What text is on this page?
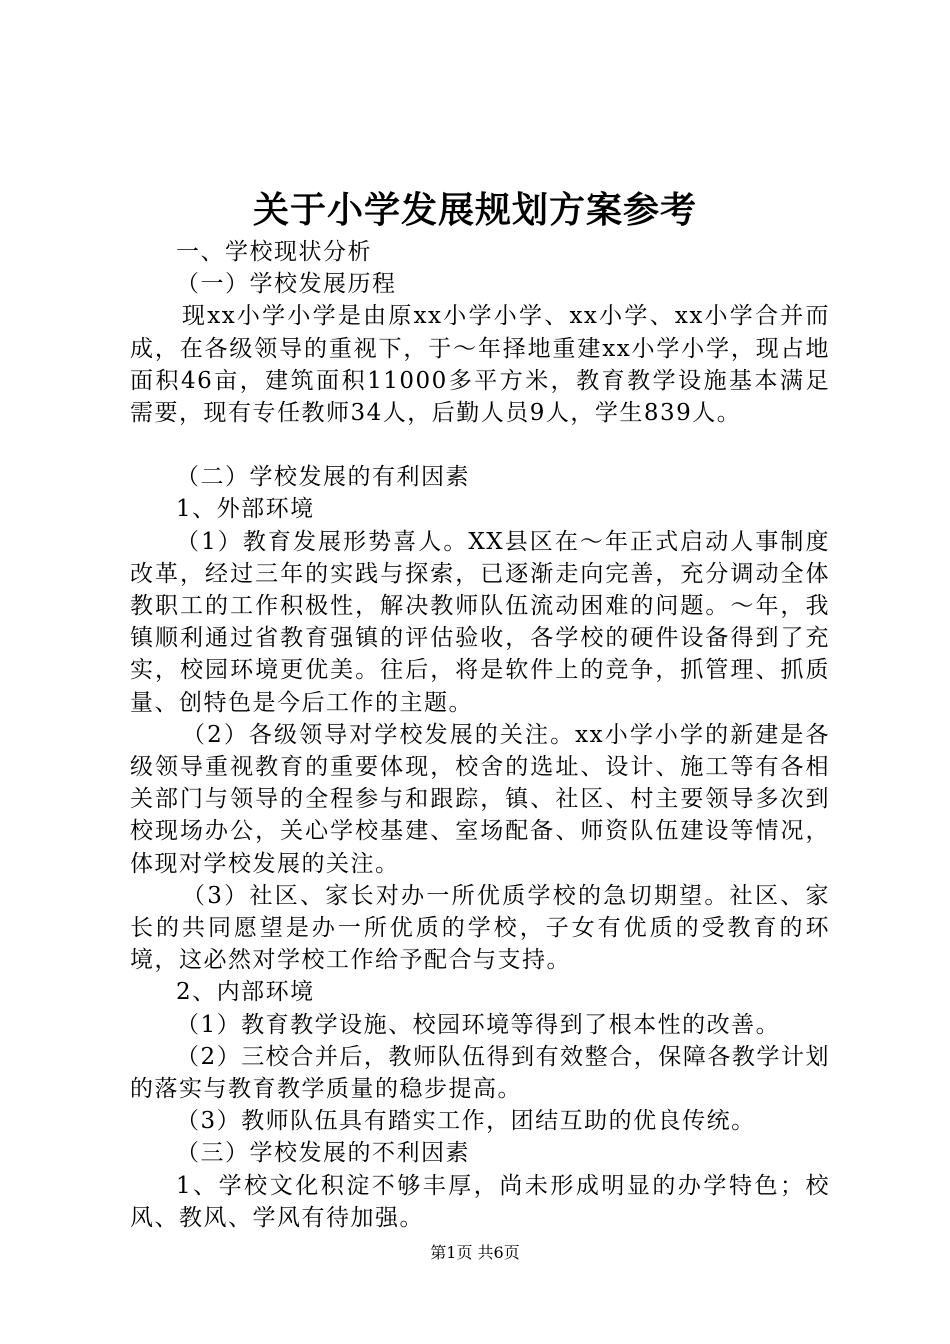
关于小学发展规划方案参考

一、学校现状分析

（一）学校发展历程

现xx小学小学是由原xx小学小学、xx小学、xx小学合并而成，在各级领导的重视下，于～年择地重建xx小学小学，现占地面积46亩，建筑面积11000多平方米，教育教学设施基本满足需要，现有专任教师34人，后勤人员9人，学生839人。

（二）学校发展的有利因素

1、外部环境

（1）教育发展形势喜人。XX县区在～年正式启动人事制度改革，经过三年的实践与探索，已逐渐走向完善，充分调动全体教职工的工作积极性，解决教师队伍流动困难的问题。～年，我镇顺利通过省教育强镇的评估验收，各学校的硬件设备得到了充实，校园环境更优美。往后，将是软件上的竞争，抓管理、抓质量、创特色是今后工作的主题。

（2）各级领导对学校发展的关注。xx小学小学的新建是各级领导重视教育的重要体现，校舍的选址、设计、施工等有各相关部门与领导的全程参与和跟踪，镇、社区、村主要领导多次到校现场办公，关心学校基建、室场配备、师资队伍建设等情况，体现对学校发展的关注。

（3）社区、家长对办一所优质学校的急切期望。社区、家长的共同愿望是办一所优质的学校，子女有优质的受教育的环境，这必然对学校工作给予配合与支持。

2、内部环境

（1）教育教学设施、校园环境等得到了根本性的改善。

（2）三校合并后，教师队伍得到有效整合，保障各教学计划的落实与教育教学质量的稳步提高。

（3）教师队伍具有踏实工作，团结互助的优良传统。

（三）学校发展的不利因素

1、学校文化积淀不够丰厚，尚未形成明显的办学特色；校风、教风、学风有待加强。

第1页 共6页
